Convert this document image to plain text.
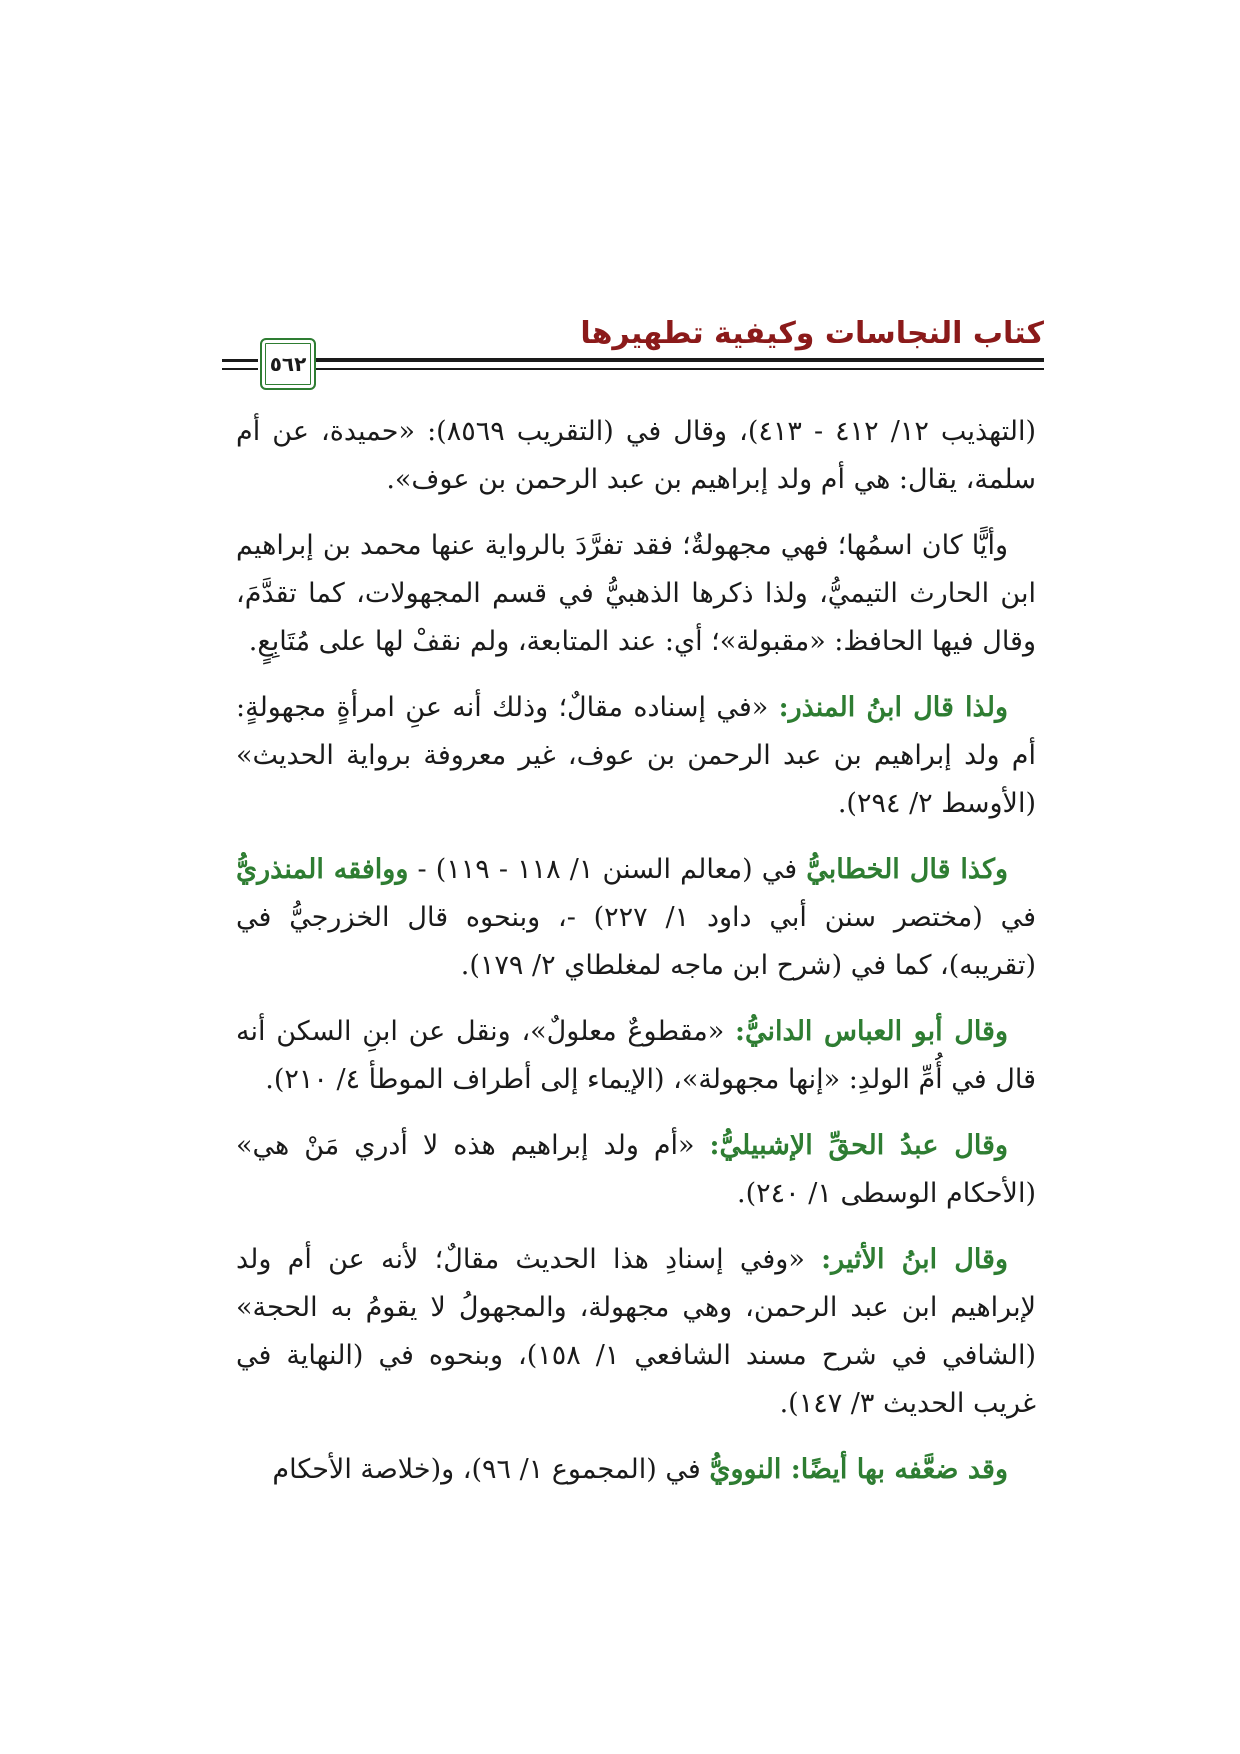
كتاب النجاسات وكيفية تطهيرها
٥٦٢

(التهذيب ١٢/ ٤١٢ - ٤١٣)، وقال في (التقريب ٨٥٦٩): «حميدة، عن أم سلمة، يقال: هي أم ولد إبراهيم بن عبد الرحمن بن عوف».

وأيًّا كان اسمُها؛ فهي مجهولةٌ؛ فقد تفرَّدَ بالرواية عنها محمد بن إبراهيم ابن الحارث التيميُّ، ولذا ذكرها الذهبيُّ في قسم المجهولات، كما تقدَّمَ، وقال فيها الحافظ: «مقبولة»؛ أي: عند المتابعة، ولم نقفْ لها على مُتَابِعٍ.

ولذا قال ابنُ المنذر: «في إسناده مقالٌ؛ وذلك أنه عنِ امرأةٍ مجهولةٍ: أم ولد إبراهيم بن عبد الرحمن بن عوف، غير معروفة برواية الحديث» (الأوسط ٢/ ٢٩٤).

وكذا قال الخطابيُّ في (معالم السنن ١/ ١١٨ - ١١٩) - ووافقه المنذريُّ في (مختصر سنن أبي داود ١/ ٢٢٧) -، وبنحوه قال الخزرجيُّ في (تقريبه)، كما في (شرح ابن ماجه لمغلطاي ٢/ ١٧٩).

وقال أبو العباس الدانيُّ: «مقطوعٌ معلولٌ»، ونقل عن ابنِ السكن أنه قال في أُمِّ الولدِ: «إنها مجهولة»، (الإيماء إلى أطراف الموطأ ٤/ ٢١٠).

وقال عبدُ الحقِّ الإشبيليُّ: «أم ولد إبراهيم هذه لا أدري مَنْ هي» (الأحكام الوسطى ١/ ٢٤٠).

وقال ابنُ الأثير: «وفي إسنادِ هذا الحديث مقالٌ؛ لأنه عن أم ولد لإبراهيم ابن عبد الرحمن، وهي مجهولة، والمجهولُ لا يقومُ به الحجة» (الشافي في شرح مسند الشافعي ١/ ١٥٨)، وبنحوه في (النهاية في غريب الحديث ٣/ ١٤٧).

وقد ضعَّفه بها أيضًا: النوويُّ في (المجموع ١/ ٩٦)، و(خلاصة الأحكام
